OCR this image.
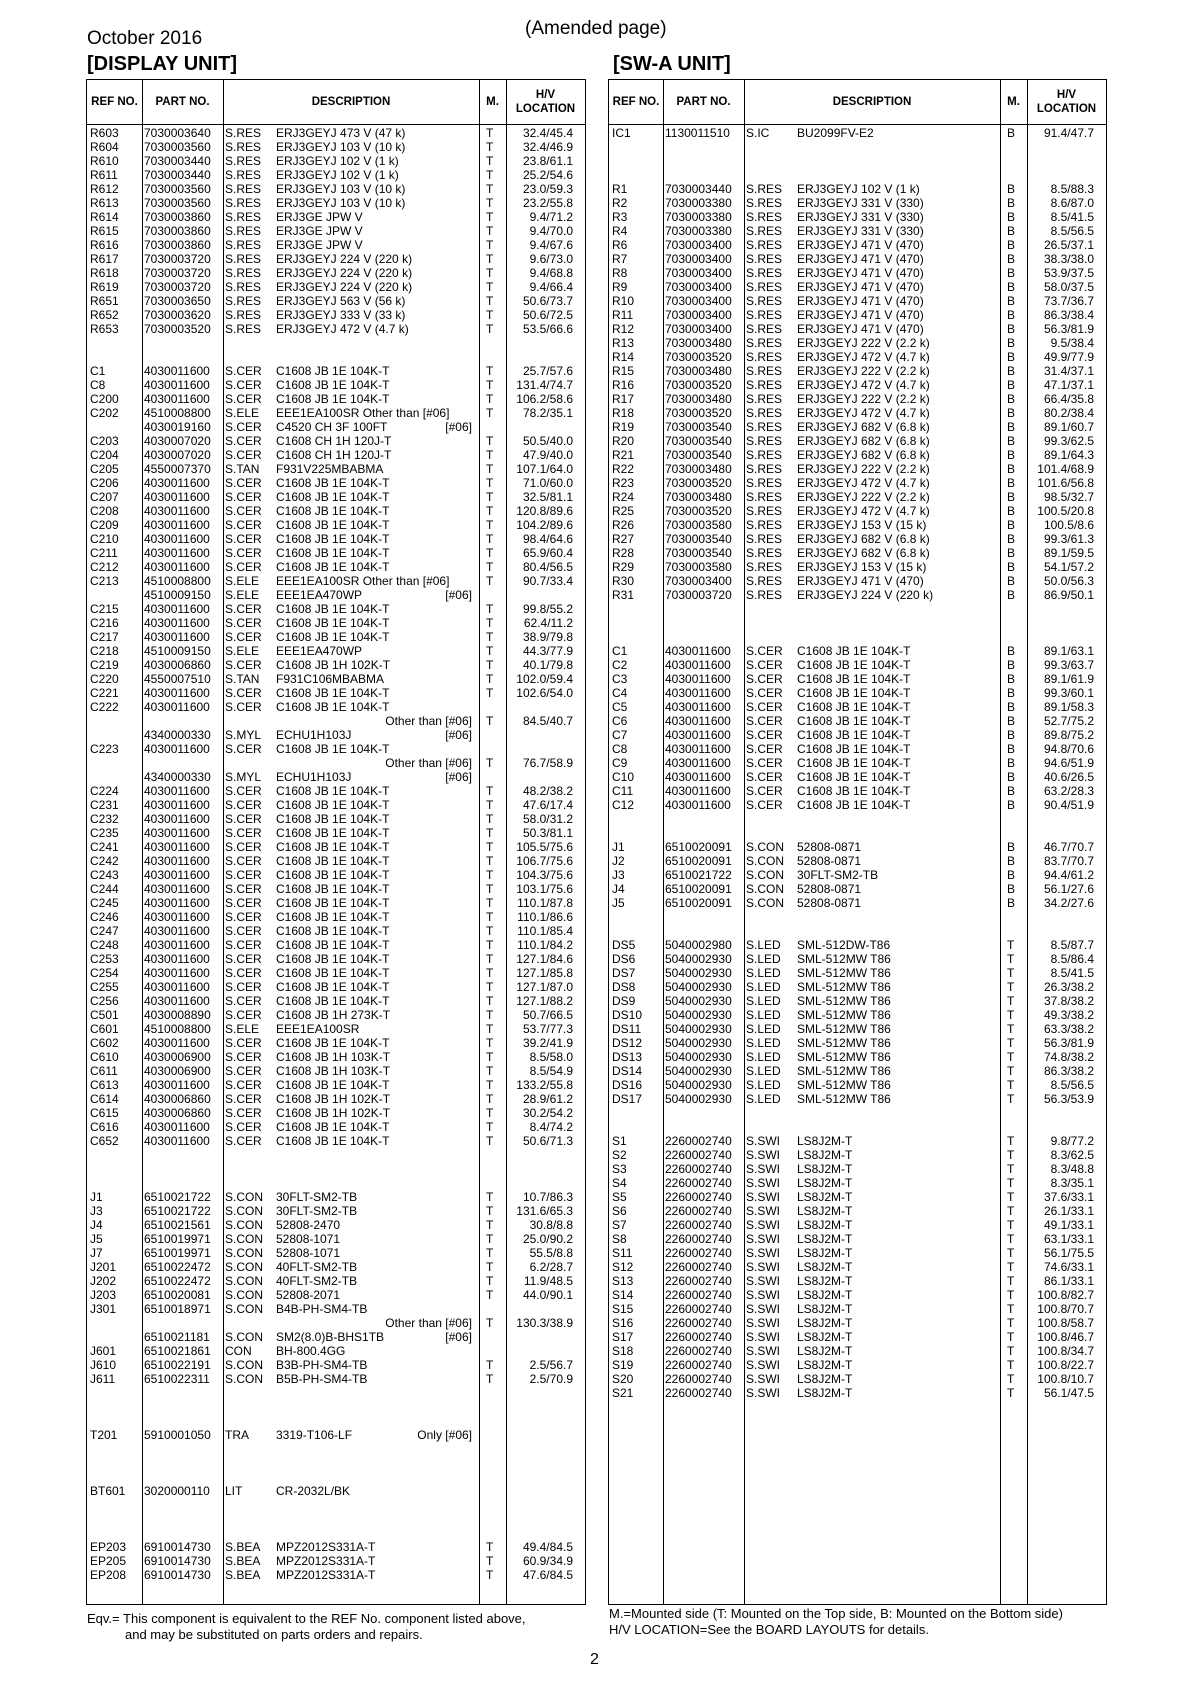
October 2016	(Amended page)
[DISPLAY UNIT]	[SW-A UNIT]
REF NO.	PART NO.	DESCRIPTION	M.
H/V LOCATION
R603 7030003640 S.RES ERJ3GEYJ 473 V (47 k)	T 32.4/45.4
R604 7030003560 S.RES ERJ3GEYJ 103 V (10 k)	T 32.4/46.9
R610 7030003440 S.RES ERJ3GEYJ 102 V (1 k)	T 23.8/61.1
R611 7030003440 S.RES ERJ3GEYJ 102 V (1 k)	T 25.2/54.6
R612 7030003560 S.RES ERJ3GEYJ 103 V (10 k)	T 23.0/59.3
R613 7030003560 S.RES ERJ3GEYJ 103 V (10 k)	T 23.2/55.8
R614 7030003860 S.RES ERJ3GE JPW V	T	9.4/71.2
R615 7030003860 S.RES ERJ3GE JPW V	T	9.4/70.0
R616 7030003860 S.RES ERJ3GE JPW V	T	9.4/67.6
R617 7030003720 S.RES ERJ3GEYJ 224 V (220 k)	T	9.6/73.0
R618 7030003720 S.RES ERJ3GEYJ 224 V (220 k)	T	9.4/68.8
R619 7030003720 S.RES ERJ3GEYJ 224 V (220 k)	T	9.4/66.4
R651 7030003650 S.RES ERJ3GEYJ 563 V (56 k)	T 50.6/73.7
R652 7030003620 S.RES ERJ3GEYJ 333 V (33 k)	T 50.6/72.5
R653 7030003520 S.RES ERJ3GEYJ 472 V (4.7 k)	T 53.5/66.6
C1	4030011600 S.CER C1608 JB 1E 104K-T	T 25.7/57.6
C8	4030011600 S.CER C1608 JB 1E 104K-T	T 131.4/74.7
C200 4030011600 S.CER C1608 JB 1E 104K-T	T 106.2/58.6
C202 4510008800 S.ELE EEE1EA100SR Other than [#06]	T 78.2/35.1
4030019160 S.CER C4520 CH 3F 100FT	[#06]
C203 4030007020 S.CER C1608 CH 1H 120J-T	T 50.5/40.0
C204 4030007020 S.CER C1608 CH 1H 120J-T	T 47.9/40.0
C205 4550007370 S.TAN F931V225MBABMA	T 107.1/64.0
C206 4030011600 S.CER C1608 JB 1E 104K-T	T 71.0/60.0
C207 4030011600 S.CER C1608 JB 1E 104K-T	T 32.5/81.1
C208 4030011600 S.CER C1608 JB 1E 104K-T	T 120.8/89.6
C209 4030011600 S.CER C1608 JB 1E 104K-T	T 104.2/89.6
C210 4030011600 S.CER C1608 JB 1E 104K-T	T 98.4/64.6
C211 4030011600 S.CER C1608 JB 1E 104K-T	T 65.9/60.4
C212 4030011600 S.CER C1608 JB 1E 104K-T	T 80.4/56.5
C213 4510008800 S.ELE EEE1EA100SR Other than [#06]	T 90.7/33.4
4510009150 S.ELE EEE1EA470WP	[#06]
C215 4030011600 S.CER C1608 JB 1E 104K-T	T 99.8/55.2
C216 4030011600 S.CER C1608 JB 1E 104K-T	T	62.4/11.2
C217 4030011600 S.CER C1608 JB 1E 104K-T	T 38.9/79.8
C218 4510009150 S.ELE EEE1EA470WP	T 44.3/77.9
C219 4030006860 S.CER C1608 JB 1H 102K-T	T 40.1/79.8
C220 4550007510 S.TAN F931C106MBABMA	T 102.0/59.4
C221 4030011600 S.CER C1608 JB 1E 104K-T	T 102.6/54.0
C222 4030011600 S.CER C1608 JB 1E 104K-T
Other than [#06] T 84.5/40.7
4340000330 S.MYL ECHU1H103J	[#06]
C223 4030011600 S.CER C1608 JB 1E 104K-T
Other than [#06] T 76.7/58.9
4340000330 S.MYL ECHU1H103J	[#06]
C224 4030011600 S.CER C1608 JB 1E 104K-T	T 48.2/38.2
C231 4030011600 S.CER C1608 JB 1E 104K-T	T 47.6/17.4
C232 4030011600 S.CER C1608 JB 1E 104K-T	T 58.0/31.2
C235 4030011600 S.CER C1608 JB 1E 104K-T	T 50.3/81.1
C241 4030011600 S.CER C1608 JB 1E 104K-T	T 105.5/75.6
C242 4030011600 S.CER C1608 JB 1E 104K-T	T 106.7/75.6
C243 4030011600 S.CER C1608 JB 1E 104K-T	T 104.3/75.6
C244 4030011600 S.CER C1608 JB 1E 104K-T	T 103.1/75.6
C245 4030011600 S.CER C1608 JB 1E 104K-T	T 110.1/87.8
C246 4030011600 S.CER C1608 JB 1E 104K-T	T 110.1/86.6
C247 4030011600 S.CER C1608 JB 1E 104K-T	T 110.1/85.4
C248 4030011600 S.CER C1608 JB 1E 104K-T	T 110.1/84.2
C253 4030011600 S.CER C1608 JB 1E 104K-T	T 127.1/84.6
C254 4030011600 S.CER C1608 JB 1E 104K-T	T 127.1/85.8
C255 4030011600 S.CER C1608 JB 1E 104K-T	T 127.1/87.0
C256 4030011600 S.CER C1608 JB 1E 104K-T	T 127.1/88.2
C501 4030008890 S.CER C1608 JB 1H 273K-T	T 50.7/66.5
C601 4510008800 S.ELE EEE1EA100SR	T 53.7/77.3
C602 4030011600 S.CER C1608 JB 1E 104K-T	T 39.2/41.9
C610 4030006900 S.CER C1608 JB 1H 103K-T	T	8.5/58.0
C611 4030006900 S.CER C1608 JB 1H 103K-T	T	8.5/54.9
C613 4030011600 S.CER C1608 JB 1E 104K-T	T 133.2/55.8
C614 4030006860 S.CER C1608 JB 1H 102K-T	T 28.9/61.2
C615 4030006860 S.CER C1608 JB 1H 102K-T	T 30.2/54.2
C616 4030011600 S.CER C1608 JB 1E 104K-T	T	8.4/74.2
C652 4030011600 S.CER C1608 JB 1E 104K-T	T 50.6/71.3
J1	6510021722 S.CON 30FLT-SM2-TB	T 10.7/86.3
J3	6510021722 S.CON 30FLT-SM2-TB	T 131.6/65.3
J4	6510021561 S.CON 52808-2470	T	30.8/8.8
J5	6510019971 S.CON 52808-1071	T 25.0/90.2
J7	6510019971 S.CON 52808-1071	T	55.5/8.8
J201 6510022472 S.CON 40FLT-SM2-TB	T	6.2/28.7
J202 6510022472 S.CON 40FLT-SM2-TB	T	11.9/48.5
J203 6510020081 S.CON 52808-2071	T 44.0/90.1
J301 6510018971 S.CON B4B-PH-SM4-TB
Other than [#06] T 130.3/38.9
6510021181 S.CON SM2(8.0)B-BHS1TB	[#06]
J601 6510021861 CON BH-800.4GG
J610 6510022191 S.CON B3B-PH-SM4-TB	T	2.5/56.7
J611 6510022311 S.CON B5B-PH-SM4-TB	T	2.5/70.9
T201 5910001050 TRA 3319-T106-LF	Only [#06]
BT601 3020000110 LIT	CR-2032L/BK
EP203 6910014730 S.BEA MPZ2012S331A-T	T 49.4/84.5
EP205 6910014730 S.BEA MPZ2012S331A-T	T 60.9/34.9
EP208 6910014730 S.BEA MPZ2012S331A-T	T 47.6/84.5
REF NO.	PART NO.	DESCRIPTION	M.
H/V LOCATION
IC1	1130011510 S.IC BU2099FV-E2	B 91.4/47.7
R1	7030003440 S.RES ERJ3GEYJ 102 V (1 k)	B	8.5/88.3
R2	7030003380 S.RES ERJ3GEYJ 331 V (330)	B	8.6/87.0
R3	7030003380 S.RES ERJ3GEYJ 331 V (330)	B	8.5/41.5
R4	7030003380 S.RES ERJ3GEYJ 331 V (330)	B	8.5/56.5
R6	7030003400 S.RES ERJ3GEYJ 471 V (470)	B 26.5/37.1
R7	7030003400 S.RES ERJ3GEYJ 471 V (470)	B 38.3/38.0
R8	7030003400 S.RES ERJ3GEYJ 471 V (470)	B 53.9/37.5
R9	7030003400 S.RES ERJ3GEYJ 471 V (470)	B 58.0/37.5
R10	7030003400 S.RES ERJ3GEYJ 471 V (470)	B 73.7/36.7
R11	7030003400 S.RES ERJ3GEYJ 471 V (470)	B 86.3/38.4
R12	7030003400 S.RES ERJ3GEYJ 471 V (470)	B 56.3/81.9
R13	7030003480 S.RES ERJ3GEYJ 222 V (2.2 k)	B	9.5/38.4
R14	7030003520 S.RES ERJ3GEYJ 472 V (4.7 k)	B 49.9/77.9
R15	7030003480 S.RES ERJ3GEYJ 222 V (2.2 k)	B 31.4/37.1
R16	7030003520 S.RES ERJ3GEYJ 472 V (4.7 k)	B 47.1/37.1
R17	7030003480 S.RES ERJ3GEYJ 222 V (2.2 k)	B 66.4/35.8
R18	7030003520 S.RES ERJ3GEYJ 472 V (4.7 k)	B 80.2/38.4
R19	7030003540 S.RES ERJ3GEYJ 682 V (6.8 k)	B 89.1/60.7
R20	7030003540 S.RES ERJ3GEYJ 682 V (6.8 k)	B 99.3/62.5
R21	7030003540 S.RES ERJ3GEYJ 682 V (6.8 k)	B 89.1/64.3
R22	7030003480 S.RES ERJ3GEYJ 222 V (2.2 k)	B 101.4/68.9
R23	7030003520 S.RES ERJ3GEYJ 472 V (4.7 k)	B 101.6/56.8
R24	7030003480 S.RES ERJ3GEYJ 222 V (2.2 k)	B 98.5/32.7
R25	7030003520 S.RES ERJ3GEYJ 472 V (4.7 k)	B 100.5/20.8
R26	7030003580 S.RES ERJ3GEYJ 153 V (15 k)	B 100.5/8.6
R27	7030003540 S.RES ERJ3GEYJ 682 V (6.8 k)	B 99.3/61.3
R28	7030003540 S.RES ERJ3GEYJ 682 V (6.8 k)	B 89.1/59.5
R29	7030003580 S.RES ERJ3GEYJ 153 V (15 k)	B 54.1/57.2
R30	7030003400 S.RES ERJ3GEYJ 471 V (470)	B 50.0/56.3
R31	7030003720 S.RES ERJ3GEYJ 224 V (220 k)	B 86.9/50.1
C1	4030011600 S.CER C1608 JB 1E 104K-T	B 89.1/63.1
C2	4030011600 S.CER C1608 JB 1E 104K-T	B 99.3/63.7
C3	4030011600 S.CER C1608 JB 1E 104K-T	B 89.1/61.9
C4	4030011600 S.CER C1608 JB 1E 104K-T	B 99.3/60.1
C5	4030011600 S.CER C1608 JB 1E 104K-T	B 89.1/58.3
C6	4030011600 S.CER C1608 JB 1E 104K-T	B 52.7/75.2
C7	4030011600 S.CER C1608 JB 1E 104K-T	B 89.8/75.2
C8	4030011600 S.CER C1608 JB 1E 104K-T	B 94.8/70.6
C9	4030011600 S.CER C1608 JB 1E 104K-T	B 94.6/51.9
C10	4030011600 S.CER C1608 JB 1E 104K-T	B 40.6/26.5
C11	4030011600 S.CER C1608 JB 1E 104K-T	B 63.2/28.3
C12	4030011600 S.CER C1608 JB 1E 104K-T	B 90.4/51.9
J1	6510020091 S.CON 52808-0871	B 46.7/70.7
J2	6510020091 S.CON 52808-0871	B 83.7/70.7
J3	6510021722 S.CON 30FLT-SM2-TB	B 94.4/61.2
J4	6510020091 S.CON 52808-0871	B 56.1/27.6
J5	6510020091 S.CON 52808-0871	B 34.2/27.6
DS5 5040002980 S.LED SML-512DW-T86	T	8.5/87.7
DS6 5040002930 S.LED SML-512MW T86	T	8.5/86.4
DS7 5040002930 S.LED SML-512MW T86	T	8.5/41.5
DS8 5040002930 S.LED SML-512MW T86	T 26.3/38.2
DS9 5040002930 S.LED SML-512MW T86	T 37.8/38.2
DS10 5040002930 S.LED SML-512MW T86	T 49.3/38.2
DS11 5040002930 S.LED SML-512MW T86	T 63.3/38.2
DS12 5040002930 S.LED SML-512MW T86	T 56.3/81.9
DS13 5040002930 S.LED SML-512MW T86	T 74.8/38.2
DS14 5040002930 S.LED SML-512MW T86	T 86.3/38.2
DS16 5040002930 S.LED SML-512MW T86	T	8.5/56.5
DS17 5040002930 S.LED SML-512MW T86	T 56.3/53.9
S1	2260002740 S.SWI LS8J2M-T	T	9.8/77.2
S2	2260002740 S.SWI LS8J2M-T	T	8.3/62.5
S3	2260002740 S.SWI LS8J2M-T	T	8.3/48.8
S4	2260002740 S.SWI LS8J2M-T	T	8.3/35.1
S5	2260002740 S.SWI LS8J2M-T	T 37.6/33.1
S6	2260002740 S.SWI LS8J2M-T	T 26.1/33.1
S7	2260002740 S.SWI LS8J2M-T	T 49.1/33.1
S8	2260002740 S.SWI LS8J2M-T	T 63.1/33.1
S11	2260002740 S.SWI LS8J2M-T	T 56.1/75.5
S12	2260002740 S.SWI LS8J2M-T	T 74.6/33.1
S13	2260002740 S.SWI LS8J2M-T	T 86.1/33.1
S14	2260002740 S.SWI LS8J2M-T	T 100.8/82.7
S15	2260002740 S.SWI LS8J2M-T	T 100.8/70.7
S16	2260002740 S.SWI LS8J2M-T	T 100.8/58.7
S17	2260002740 S.SWI LS8J2M-T	T 100.8/46.7
S18	2260002740 S.SWI LS8J2M-T	T 100.8/34.7
S19	2260002740 S.SWI LS8J2M-T	T 100.8/22.7
S20	2260002740 S.SWI LS8J2M-T	T 100.8/10.7
S21	2260002740 S.SWI LS8J2M-T	T 56.1/47.5
Eqv.= This component is equivalent to the REF No. component listed above,
and may be substituted on parts orders and repairs.
M.=Mounted side (T: Mounted on the Top side, B: Mounted on the Bottom side)
H/V LOCATION=See the BOARD LAYOUTS for details.
2
